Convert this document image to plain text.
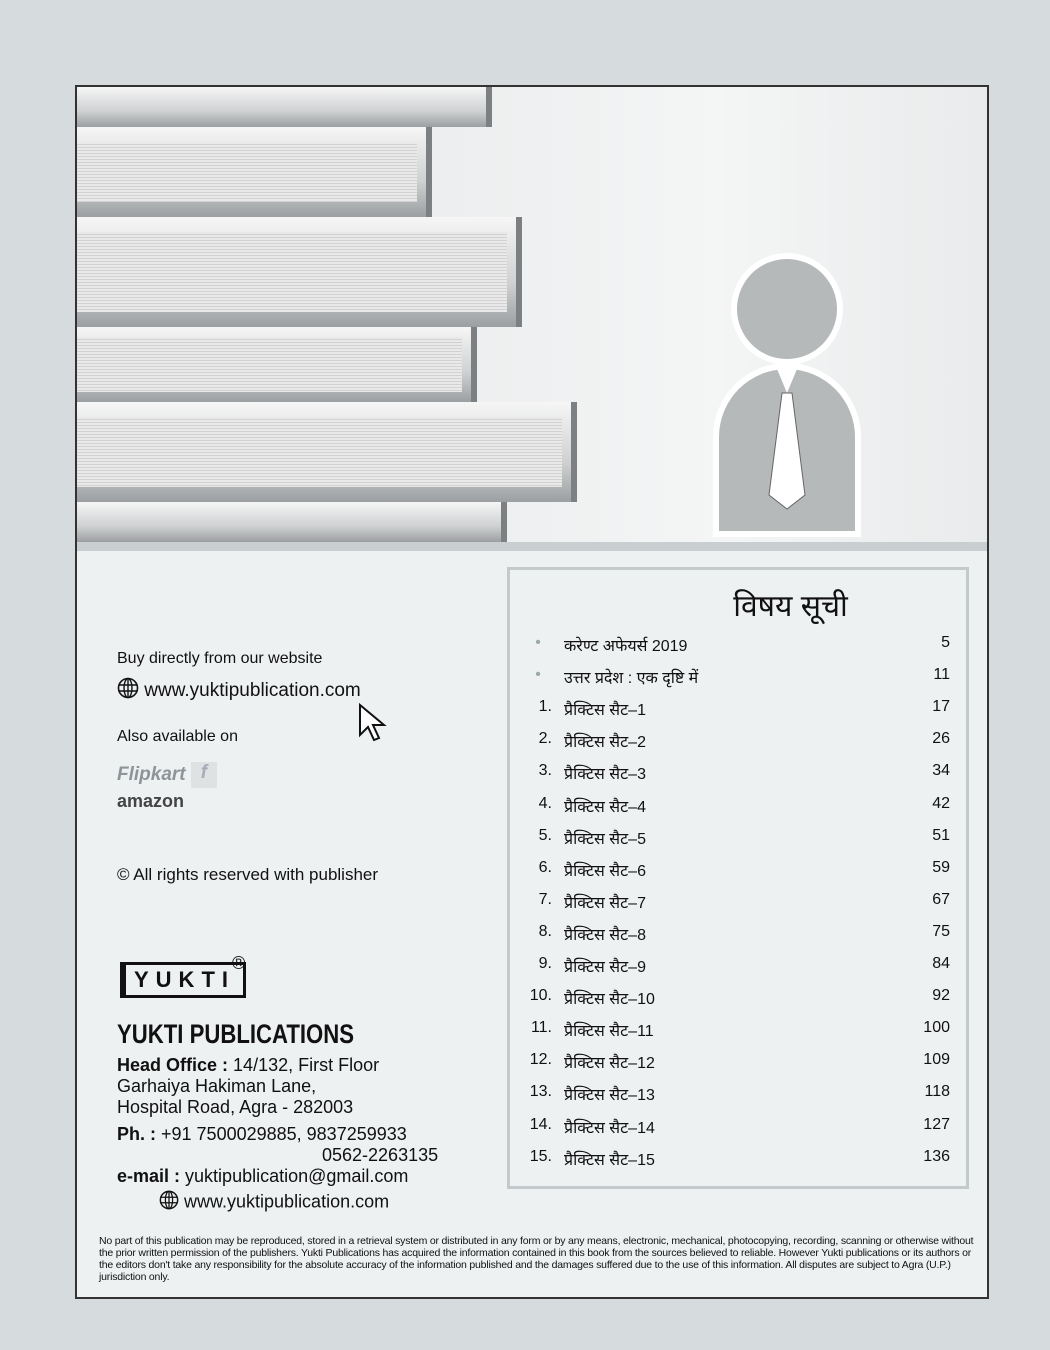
Buy directly from our website
www.yuktipublication.com
Also available on
Flipkart f
amazon
© All rights reserved with publisher
YUKTI
®
YUKTI PUBLICATIONS
Head Office : 14/132, First Floor
Garhaiya Hakiman Lane,
Hospital Road, Agra - 282003
Ph. : +91 7500029885, 9837259933
0562-2263135
e-mail : yuktipublication@gmail.com
www.yuktipublication.com
विषय सूची
•	करेण्ट अफेयर्स 2019	5
•	उत्तर प्रदेश : एक दृष्टि में	11
1. प्रैक्टिस सैट–1	17
2. प्रैक्टिस सैट–2	26
3. प्रैक्टिस सैट–3	34
4. प्रैक्टिस सैट–4	42
5. प्रैक्टिस सैट–5	51
6. प्रैक्टिस सैट–6	59
7. प्रैक्टिस सैट–7	67
8. प्रैक्टिस सैट–8	75
9. प्रैक्टिस सैट–9	84
10. प्रैक्टिस सैट–10	92
11. प्रैक्टिस सैट–11	100
12. प्रैक्टिस सैट–12	109
13. प्रैक्टिस सैट–13	118
14. प्रैक्टिस सैट–14	127
15. प्रैक्टिस सैट–15	136
No part of this publication may be reproduced, stored in a retrieval system or distributed in any form or by any means, electronic, mechanical, photocopying, recording, scanning or otherwise without the prior written permission of the publishers. Yukti Publications has acquired the information contained in this book from the sources believed to reliable. However Yukti publications or its authors or the editors don't take any responsibility for the absolute accuracy of the information published and the damages suffered due to the use of this information. All disputes are subject to Agra (U.P.) jurisdiction only.
